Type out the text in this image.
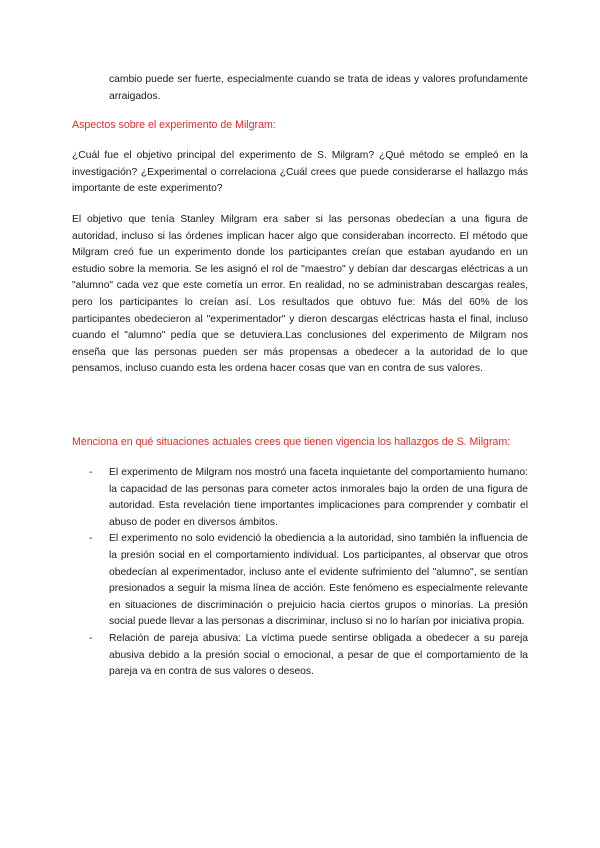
cambio puede ser fuerte, especialmente cuando se trata de ideas y valores profundamente arraigados.

Aspectos sobre el experimento de Milgram:

¿Cuál fue el objetivo principal del experimento de S. Milgram? ¿Qué método se empleó en la investigación? ¿Experimental o correlaciona ¿Cuál crees que puede considerarse el hallazgo más importante de este experimento?

El objetivo que tenía Stanley Milgram era saber si las personas obedecían a una figura de autoridad, incluso si las órdenes implican hacer algo que consideraban incorrecto. El método que Milgram creó fue un experimento donde los participantes creían que estaban ayudando en un estudio sobre la memoria. Se les asignó el rol de "maestro" y debían dar descargas eléctricas a un "alumno" cada vez que este cometía un error. En realidad, no se administraban descargas reales, pero los participantes lo creían así. Los resultados que obtuvo fue: Más del 60% de los participantes obedecieron al "experimentador" y dieron descargas eléctricas hasta el final, incluso cuando el "alumno" pedía que se detuviera.Las conclusiones del experimento de Milgram nos enseña que las personas pueden ser más propensas a obedecer a la autoridad de lo que pensamos, incluso cuando esta les ordena hacer cosas que van en contra de sus valores.

Menciona en qué situaciones actuales crees que tienen vigencia los hallazgos de S. Milgram:

- El experimento de Milgram nos mostró una faceta inquietante del comportamiento humano: la capacidad de las personas para cometer actos inmorales bajo la orden de una figura de autoridad. Esta revelación tiene importantes implicaciones para comprender y combatir el abuso de poder en diversos ámbitos.
- El experimento no solo evidenció la obediencia a la autoridad, sino también la influencia de la presión social en el comportamiento individual. Los participantes, al observar que otros obedecían al experimentador, incluso ante el evidente sufrimiento del "alumno", se sentían presionados a seguir la misma línea de acción. Este fenómeno es especialmente relevante en situaciones de discriminación o prejuicio hacia ciertos grupos o minorías. La presión social puede llevar a las personas a discriminar, incluso si no lo harían por iniciativa propia.
- Relación de pareja abusiva: La víctima puede sentirse obligada a obedecer a su pareja abusiva debido a la presión social o emocional, a pesar de que el comportamiento de la pareja va en contra de sus valores o deseos.
